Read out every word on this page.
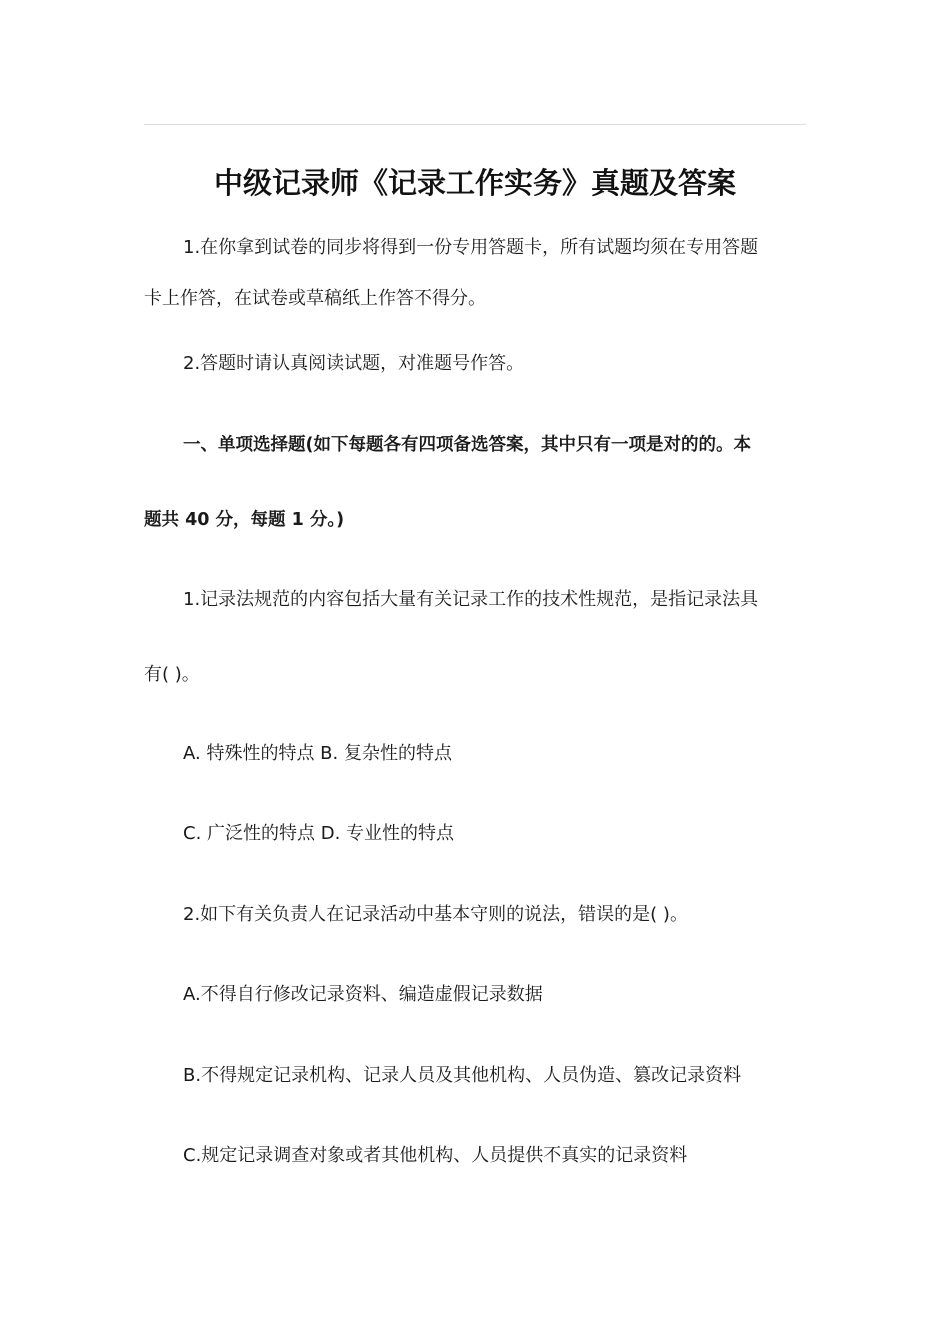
中级记录师《记录工作实务》真题及答案

1.在你拿到试卷的同步将得到一份专用答题卡，所有试题均须在专用答题

卡上作答，在试卷或草稿纸上作答不得分。

2.答题时请认真阅读试题，对准题号作答。

一、单项选择题(如下每题各有四项备选答案，其中只有一项是对的的。本

题共 40 分，每题 1 分。)

1.记录法规范的内容包括大量有关记录工作的技术性规范，是指记录法具

有( )。

A. 特殊性的特点 B. 复杂性的特点

C. 广泛性的特点 D. 专业性的特点

2.如下有关负责人在记录活动中基本守则的说法，错误的是( )。

A.不得自行修改记录资料、编造虚假记录数据

B.不得规定记录机构、记录人员及其他机构、人员伪造、篡改记录资料

C.规定记录调查对象或者其他机构、人员提供不真实的记录资料
